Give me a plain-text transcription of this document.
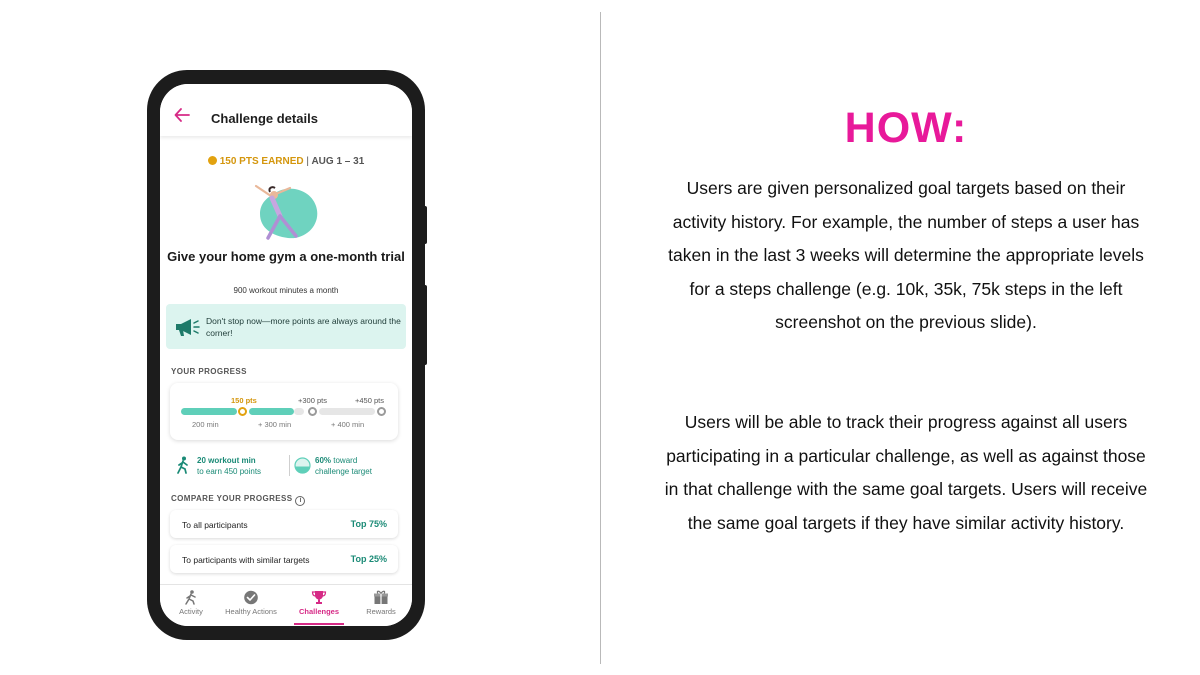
Challenge details
150 PTS EARNED | AUG 1 – 31
Give your home gym a one-month trial
900 workout minutes a month
Don't stop now—more points are always around the corner!
YOUR PROGRESS
150 pts	+300 pts	+450 pts
200 min	+ 300 min	+ 400 min
20 workout min
to earn 450 points
60% toward
challenge target
COMPARE YOUR PROGRESS i
To all participants	Top 75%
To participants with similar targets	Top 25%
Activity	Healthy Actions	Challenges	Rewards
HOW:
Users are given personalized goal targets based on their activity history. For example, the number of steps a user has taken in the last 3 weeks will determine the appropriate levels for a steps challenge (e.g. 10k, 35k, 75k steps in the left screenshot on the previous slide).
Users will be able to track their progress against all users participating in a particular challenge, as well as against those in that challenge with the same goal targets. Users will receive the same goal targets if they have similar activity history.
